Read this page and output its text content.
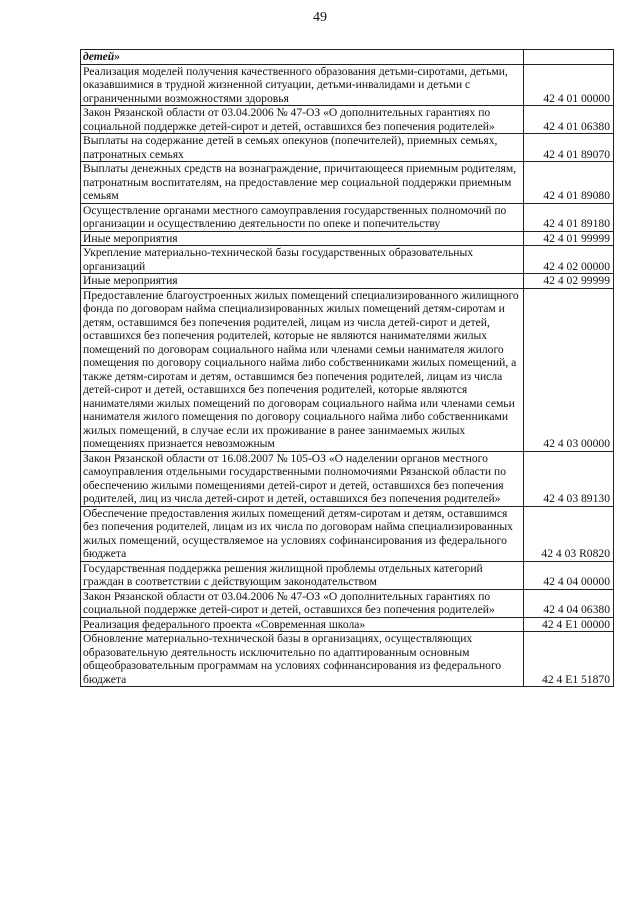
49
детей»	
Реализация моделей получения качественного образования детьми-сиротами, детьми, оказавшимися в трудной жизненной ситуации, детьми-инвалидами и детьми с ограниченными возможностями здоровья	42 4 01 00000
Закон Рязанской области от 03.04.2006 № 47-ОЗ «О дополнительных гарантиях по социальной поддержке детей-сирот и детей, оставшихся без попечения родителей»	42 4 01 06380
Выплаты на содержание детей в семьях опекунов (попечителей), приемных семьях, патронатных семьях	42 4 01 89070
Выплаты денежных средств на вознаграждение, причитающееся приемным родителям, патронатным воспитателям, на предоставление мер социальной поддержки приемным семьям	42 4 01 89080
Осуществление органами местного самоуправления государственных полномочий по организации и осуществлению деятельности по опеке и попечительству	42 4 01 89180
Иные мероприятия	42 4 01 99999
Укрепление материально-технической базы государственных образовательных организаций	42 4 02 00000
Иные мероприятия	42 4 02 99999
Предоставление благоустроенных жилых помещений специализированного жилищного фонда по договорам найма специализированных жилых помещений детям-сиротам и детям, оставшимся без попечения родителей, лицам из числа детей-сирот и детей, оставшихся без попечения родителей, которые не являются нанимателями жилых помещений по договорам социального найма или членами семьи нанимателя жилого помещения по договору социального найма либо собственниками жилых помещений, а также детям-сиротам и детям, оставшимся без попечения родителей, лицам из числа детей-сирот и детей, оставшихся без попечения родителей, которые являются нанимателями жилых помещений по договорам социального найма или членами семьи нанимателя жилого помещения по договору социального найма либо собственниками жилых помещений, в случае если их проживание в ранее занимаемых жилых помещениях признается невозможным	42 4 03 00000
Закон Рязанской области от 16.08.2007 № 105-ОЗ «О наделении органов местного самоуправления отдельными государственными полномочиями Рязанской области по обеспечению жилыми помещениями детей-сирот и детей, оставшихся без попечения родителей, лиц из числа детей-сирот и детей, оставшихся без попечения родителей»	42 4 03 89130
Обеспечение предоставления жилых помещений детям-сиротам и детям, оставшимся без попечения родителей, лицам из их числа по договорам найма специализированных жилых помещений, осуществляемое на условиях софинансирования из федерального бюджета	42 4 03 R0820
Государственная поддержка решения жилищной проблемы отдельных категорий граждан в соответствии с действующим законодательством	42 4 04 00000
Закон Рязанской области от 03.04.2006 № 47-ОЗ «О дополнительных гарантиях по социальной поддержке детей-сирот и детей, оставшихся без попечения родителей»	42 4 04 06380
Реализация федерального проекта «Современная школа»	42 4 E1 00000
Обновление материально-технической базы в организациях, осуществляющих образовательную деятельность исключительно по адаптированным основным общеобразовательным программам на условиях софинансирования из федерального бюджета	42 4 E1 51870
